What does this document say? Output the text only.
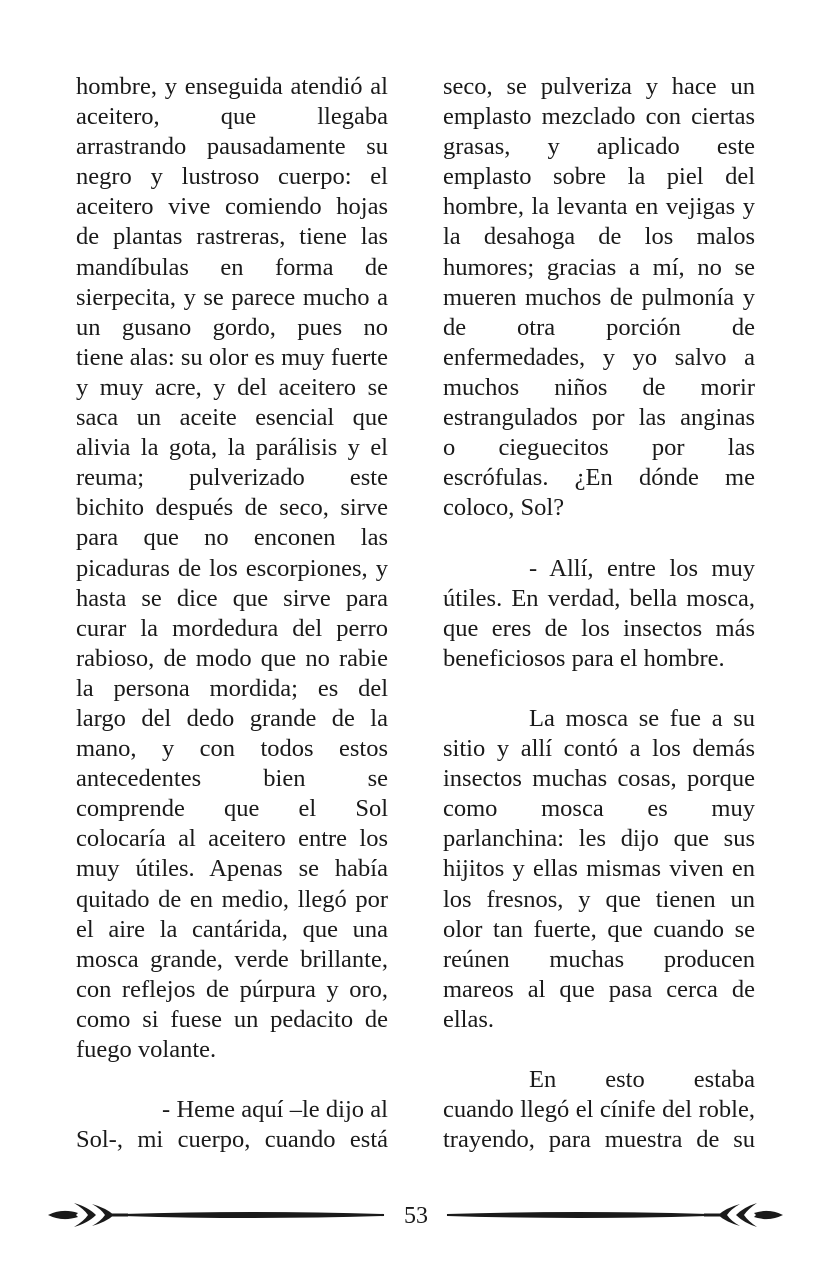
hombre, y enseguida atendió al
aceitero, que llegaba
arrastrando pausadamente su
negro y lustroso cuerpo: el
aceitero vive comiendo hojas
de plantas rastreras, tiene las
mandíbulas en forma de
sierpecita, y se parece mucho a
un gusano gordo, pues no
tiene alas: su olor es muy fuerte
y muy acre, y del aceitero se
saca un aceite esencial que
alivia la gota, la parálisis y el
reuma; pulverizado este
bichito después de seco, sirve
para que no enconen las
picaduras de los escorpiones, y
hasta se dice que sirve para
curar la mordedura del perro
rabioso, de modo que no rabie
la persona mordida; es del
largo del dedo grande de la
mano, y con todos estos
antecedentes bien se
comprende que el Sol
colocaría al aceitero entre los
muy útiles. Apenas se había
quitado de en medio, llegó por
el aire la cantárida, que una
mosca grande, verde brillante,
con reflejos de púrpura y oro,
como si fuese un pedacito de
fuego volante.
- Heme aquí –le dijo al
Sol-, mi cuerpo, cuando está
seco, se pulveriza y hace un
emplasto mezclado con ciertas
grasas, y aplicado este
emplasto sobre la piel del
hombre, la levanta en vejigas y
la desahoga de los malos
humores; gracias a mí, no se
mueren muchos de pulmonía y
de otra porción de
enfermedades, y yo salvo a
muchos niños de morir
estrangulados por las anginas
o cieguecitos por las
escrófulas. ¿En dónde me
coloco, Sol?
- Allí, entre los muy
útiles. En verdad, bella mosca,
que eres de los insectos más
beneficiosos para el hombre.
La mosca se fue a su
sitio y allí contó a los demás
insectos muchas cosas, porque
como mosca es muy
parlanchina: les dijo que sus
hijitos y ellas mismas viven en
los fresnos, y que tienen un
olor tan fuerte, que cuando se
reúnen muchas producen
mareos al que pasa cerca de
ellas.
En esto estaba
cuando llegó el cínife del roble,
trayendo, para muestra de su
53
